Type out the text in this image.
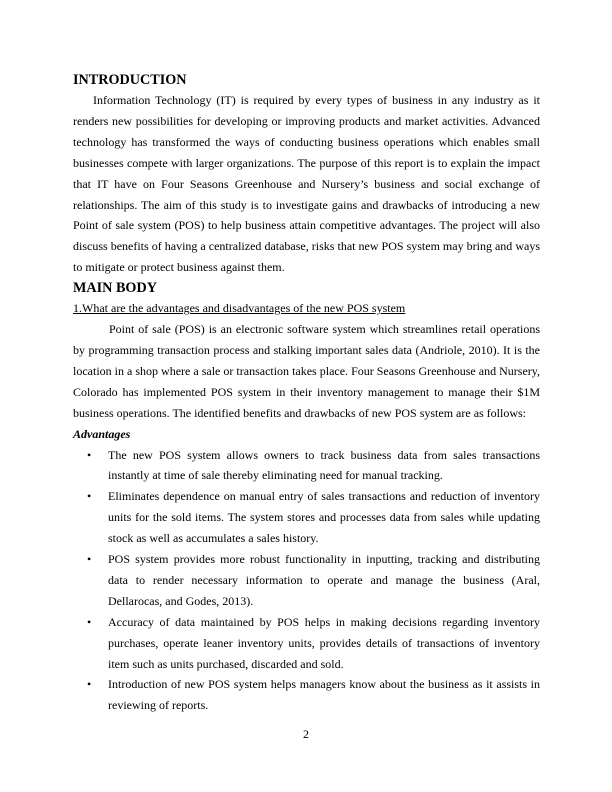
INTRODUCTION

Information Technology (IT) is required by every types of business in any industry as it renders new possibilities for developing or improving products and market activities. Advanced technology has transformed the ways of conducting business operations which enables small businesses compete with larger organizations. The purpose of this report is to explain the impact that IT have on Four Seasons Greenhouse and Nursery’s business and social exchange of relationships. The aim of this study is to investigate gains and drawbacks of introducing a new Point of sale system (POS) to help business attain competitive advantages. The project will also discuss benefits of having a centralized database, risks that new POS system may bring and ways to mitigate or protect business against them.

MAIN BODY

1.What are the advantages and disadvantages of the new POS system

Point of sale (POS) is an electronic software system which streamlines retail operations by programming transaction process and stalking important sales data (Andriole, 2010). It is the location in a shop where a sale or transaction takes place. Four Seasons Greenhouse and Nursery, Colorado has implemented POS system in their inventory management to manage their $1M business operations. The identified benefits and drawbacks of new POS system are as follows:

Advantages

• The new POS system allows owners to track business data from sales transactions instantly at time of sale thereby eliminating need for manual tracking.
• Eliminates dependence on manual entry of sales transactions and reduction of inventory units for the sold items. The system stores and processes data from sales while updating stock as well as accumulates a sales history.
• POS system provides more robust functionality in inputting, tracking and distributing data to render necessary information to operate and manage the business (Aral, Dellarocas, and Godes, 2013).
• Accuracy of data maintained by POS helps in making decisions regarding inventory purchases, operate leaner inventory units, provides details of transactions of inventory item such as units purchased, discarded and sold.
• Introduction of new POS system helps managers know about the business as it assists in reviewing of reports.
2
